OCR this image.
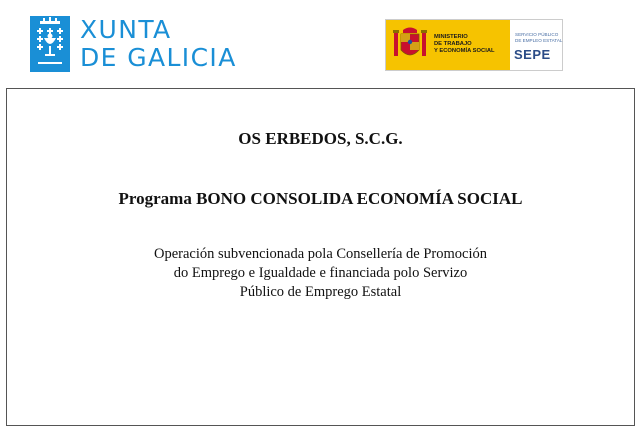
XUNTA
DE GALICIA
MINISTERIO
DE TRABAJO
Y ECONOMÍA SOCIAL
SERVICIO PÚBLICO
DE EMPLEO ESTATAL
SEPE
OS ERBEDOS, S.C.G.
Programa BONO CONSOLIDA ECONOMÍA SOCIAL
Operación subvencionada pola Consellería de Promoción
do Emprego e Igualdade e financiada polo Servizo
Público de Emprego Estatal
